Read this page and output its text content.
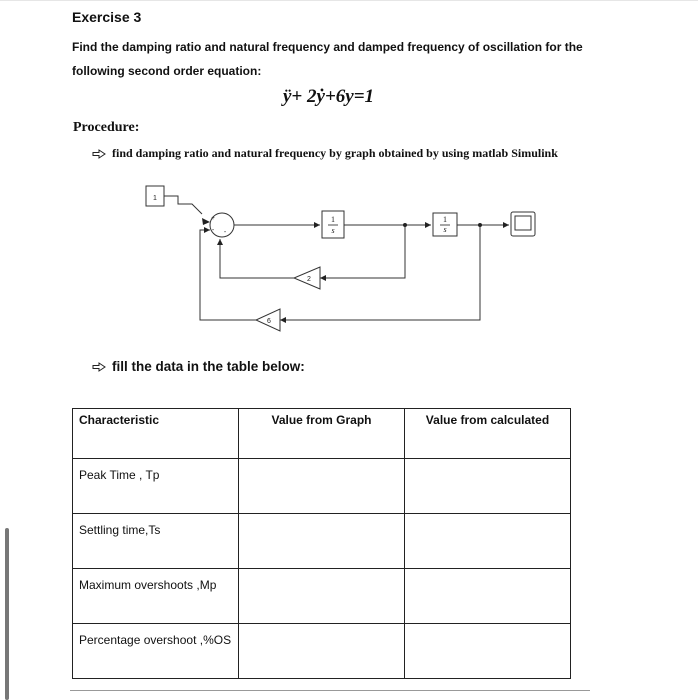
Exercise 3
Find the damping ratio and natural frequency and damped frequency of oscillation for the following second order equation:
ÿ+ 2ẏ+6y=1
Procedure:
find damping ratio and natural frequency by graph obtained by using matlab Simulink
1
2
6
+
- -
1
s
1
s
fill the data in the table below:
Characteristic	Value from Graph	Value from calculated
Peak Time , Tp		
Settling time,Ts		
Maximum overshoots ,Mp		
Percentage overshoot ,%OS		
